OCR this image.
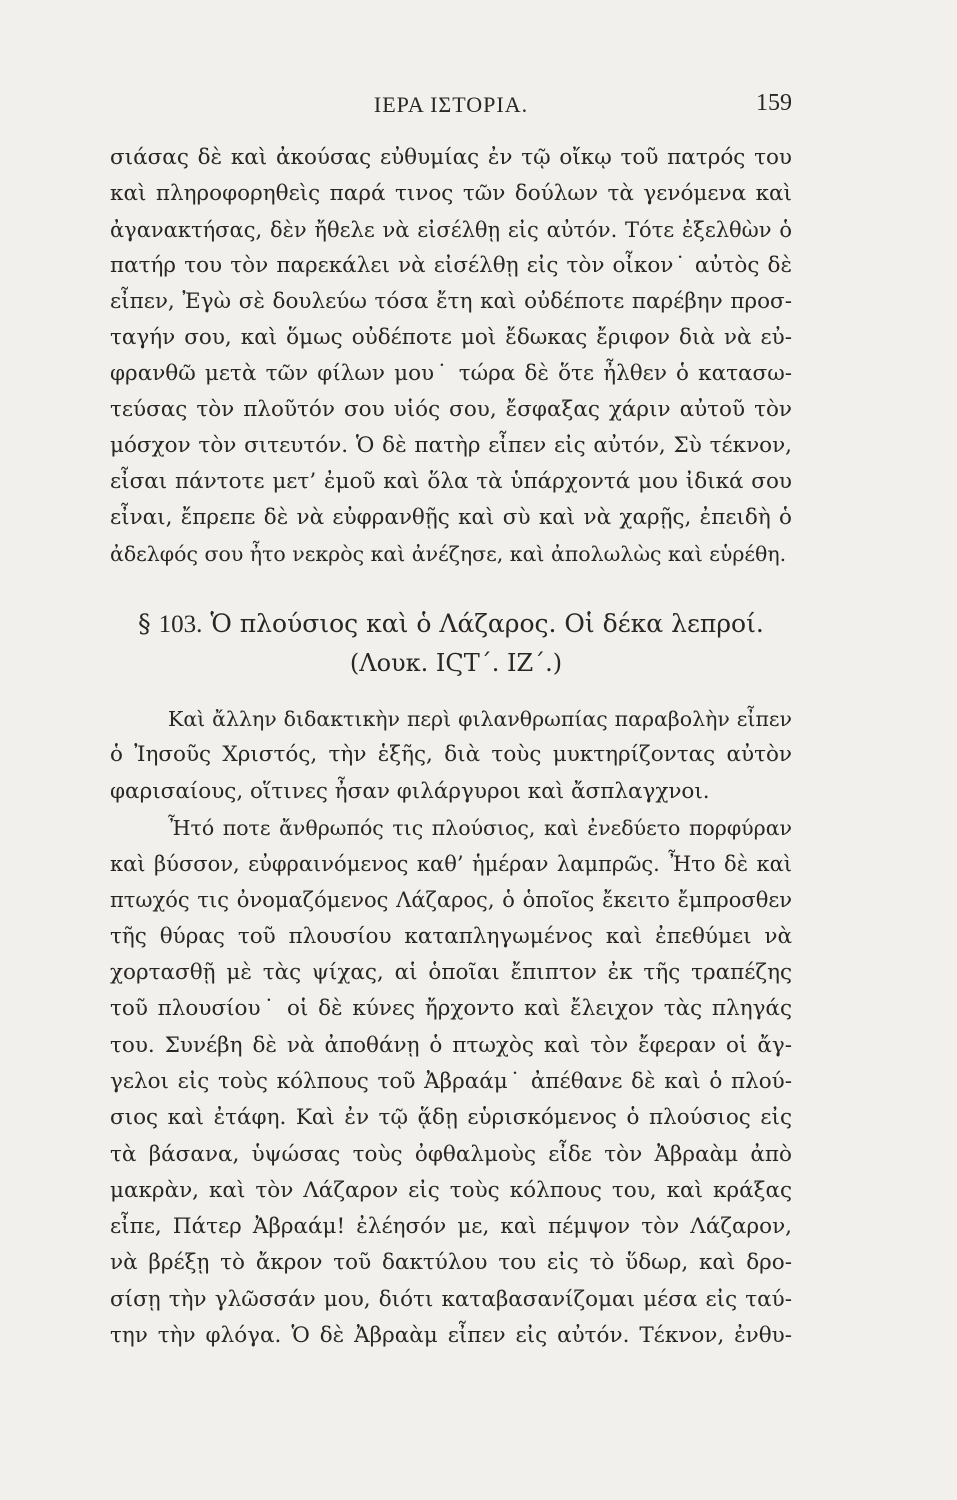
ΙΕΡΑ ΙΣΤΟΡΙΑ.	159
σιάσας δὲ καὶ ἀκούσας εὐθυμίας ἐν τῷ οἴκῳ τοῦ πατρός του
καὶ πληροφορηθεὶς παρά τινος τῶν δούλων τὰ γενόμενα καὶ
ἀγανακτήσας, δὲν ἤθελε νὰ εἰσέλθῃ εἰς αὐτόν. Τότε ἐξελθὼν ὁ
πατήρ του τὸν παρεκάλει νὰ εἰσέλθῃ εἰς τὸν οἶκον˙ αὐτὸς δὲ
εἶπεν, Ἐγὼ σὲ δουλεύω τόσα ἔτη καὶ οὐδέποτε παρέβην προσ-
ταγήν σου, καὶ ὅμως οὐδέποτε μοὶ ἔδωκας ἔριφον διὰ νὰ εὐ-
φρανθῶ μετὰ τῶν φίλων μου˙ τώρα δὲ ὅτε ἦλθεν ὁ κατασω-
τεύσας τὸν πλοῦτόν σου υἱός σου, ἔσφαξας χάριν αὐτοῦ τὸν
μόσχον τὸν σιτευτόν. Ὁ δὲ πατὴρ εἶπεν εἰς αὐτόν, Σὺ τέκνον,
εἶσαι πάντοτε μετ’ ἐμοῦ καὶ ὅλα τὰ ὑπάρχοντά μου ἰδικά σου
εἶναι, ἔπρεπε δὲ νὰ εὐφρανθῇς καὶ σὺ καὶ νὰ χαρῇς, ἐπειδὴ ὁ
ἀδελφός σου ἦτο νεκρὸς καὶ ἀνέζησε, καὶ ἀπολωλὼς καὶ εὑρέθη.
§ 103. Ὁ πλούσιος καὶ ὁ Λάζαρος. Οἱ δέκα λεπροί.
(Λουκ. ΙϚΤ΄. ΙΖ΄.)
Καὶ ἄλλην διδακτικὴν περὶ φιλανθρωπίας παραβολὴν εἶπεν
ὁ Ἰησοῦς Χριστός, τὴν ἑξῆς, διὰ τοὺς μυκτηρίζοντας αὐτὸν
φαρισαίους, οἵτινες ἦσαν φιλάργυροι καὶ ἄσπλαγχνοι.
Ἦτό ποτε ἄνθρωπός τις πλούσιος, καὶ ἐνεδύετο πορφύραν
καὶ βύσσον, εὐφραινόμενος καθ’ ἡμέραν λαμπρῶς. Ἦτο δὲ καὶ
πτωχός τις ὀνομαζόμενος Λάζαρος, ὁ ὁποῖος ἔκειτο ἔμπροσθεν
τῆς θύρας τοῦ πλουσίου καταπληγωμένος καὶ ἐπεθύμει νὰ
χορτασθῇ μὲ τὰς ψίχας, αἱ ὁποῖαι ἔπιπτον ἐκ τῆς τραπέζης
τοῦ πλουσίου˙ οἱ δὲ κύνες ἤρχοντο καὶ ἔλειχον τὰς πληγάς
του. Συνέβη δὲ νὰ ἀποθάνῃ ὁ πτωχὸς καὶ τὸν ἔφεραν οἱ ἄγ-
γελοι εἰς τοὺς κόλπους τοῦ Ἀβραάμ˙ ἀπέθανε δὲ καὶ ὁ πλού-
σιος καὶ ἐτάφη. Καὶ ἐν τῷ ᾅδῃ εὑρισκόμενος ὁ πλούσιος εἰς
τὰ βάσανα, ὑψώσας τοὺς ὀφθαλμοὺς εἶδε τὸν Ἀβραὰμ ἀπὸ
μακρὰν, καὶ τὸν Λάζαρον εἰς τοὺς κόλπους του, καὶ κράξας
εἶπε, Πάτερ Ἀβραάμ! ἐλέησόν με, καὶ πέμψον τὸν Λάζαρον,
νὰ βρέξῃ τὸ ἄκρον τοῦ δακτύλου του εἰς τὸ ὕδωρ, καὶ δρο-
σίσῃ τὴν γλῶσσάν μου, διότι καταβασανίζομαι μέσα εἰς ταύ-
την τὴν φλόγα. Ὁ δὲ Ἀβραὰμ εἶπεν εἰς αὐτόν. Τέκνον, ἐνθυ-
